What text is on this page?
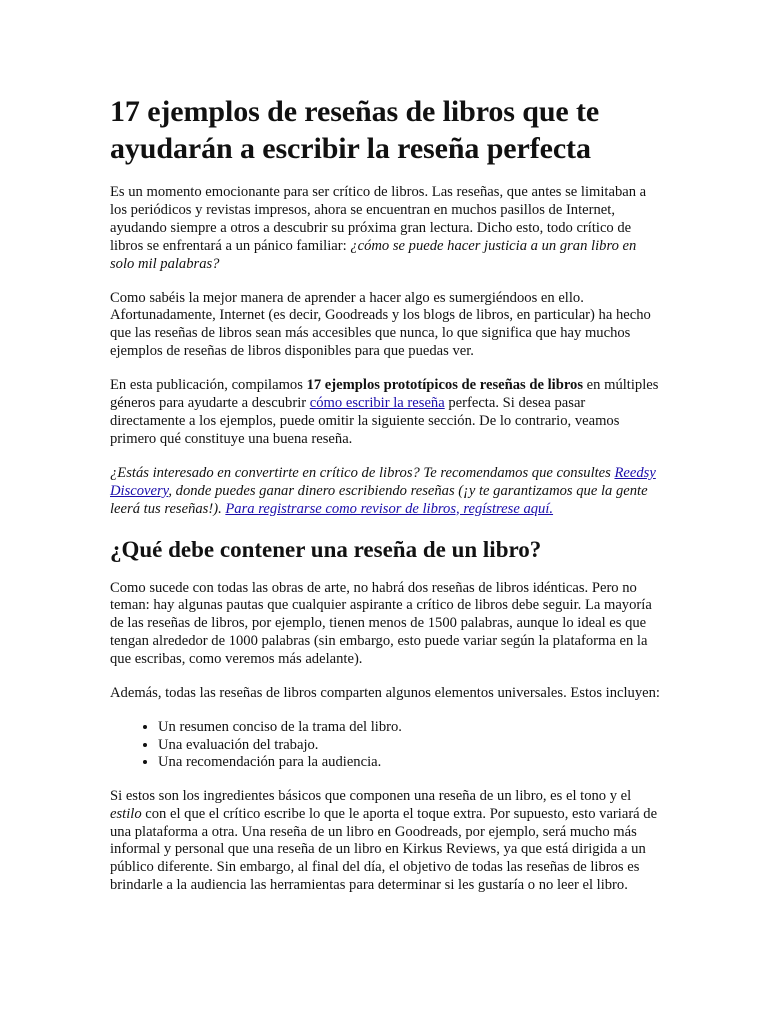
17 ejemplos de reseñas de libros que te ayudarán a escribir la reseña perfecta

Es un momento emocionante para ser crítico de libros. Las reseñas, que antes se limitaban a los periódicos y revistas impresos, ahora se encuentran en muchos pasillos de Internet, ayudando siempre a otros a descubrir su próxima gran lectura. Dicho esto, todo crítico de libros se enfrentará a un pánico familiar: ¿cómo se puede hacer justicia a un gran libro en solo mil palabras?

Como sabéis la mejor manera de aprender a hacer algo es sumergiéndoos en ello. Afortunadamente, Internet (es decir, Goodreads y los blogs de libros, en particular) ha hecho que las reseñas de libros sean más accesibles que nunca, lo que significa que hay muchos ejemplos de reseñas de libros disponibles para que puedas ver.

En esta publicación, compilamos 17 ejemplos prototípicos de reseñas de libros en múltiples géneros para ayudarte a descubrir cómo escribir la reseña perfecta. Si desea pasar directamente a los ejemplos, puede omitir la siguiente sección. De lo contrario, veamos primero qué constituye una buena reseña.

¿Estás interesado en convertirte en crítico de libros? Te recomendamos que consultes Reedsy Discovery, donde puedes ganar dinero escribiendo reseñas (¡y te garantizamos que la gente leerá tus reseñas!). Para registrarse como revisor de libros, regístrese aquí.

¿Qué debe contener una reseña de un libro?

Como sucede con todas las obras de arte, no habrá dos reseñas de libros idénticas. Pero no teman: hay algunas pautas que cualquier aspirante a crítico de libros debe seguir. La mayoría de las reseñas de libros, por ejemplo, tienen menos de 1500 palabras, aunque lo ideal es que tengan alrededor de 1000 palabras (sin embargo, esto puede variar según la plataforma en la que escribas, como veremos más adelante).

Además, todas las reseñas de libros comparten algunos elementos universales. Estos incluyen:

• Un resumen conciso de la trama del libro.
• Una evaluación del trabajo.
• Una recomendación para la audiencia.

Si estos son los ingredientes básicos que componen una reseña de un libro, es el tono y el estilo con el que el crítico escribe lo que le aporta el toque extra. Por supuesto, esto variará de una plataforma a otra. Una reseña de un libro en Goodreads, por ejemplo, será mucho más informal y personal que una reseña de un libro en Kirkus Reviews, ya que está dirigida a un público diferente. Sin embargo, al final del día, el objetivo de todas las reseñas de libros es brindarle a la audiencia las herramientas para determinar si les gustaría o no leer el libro.
